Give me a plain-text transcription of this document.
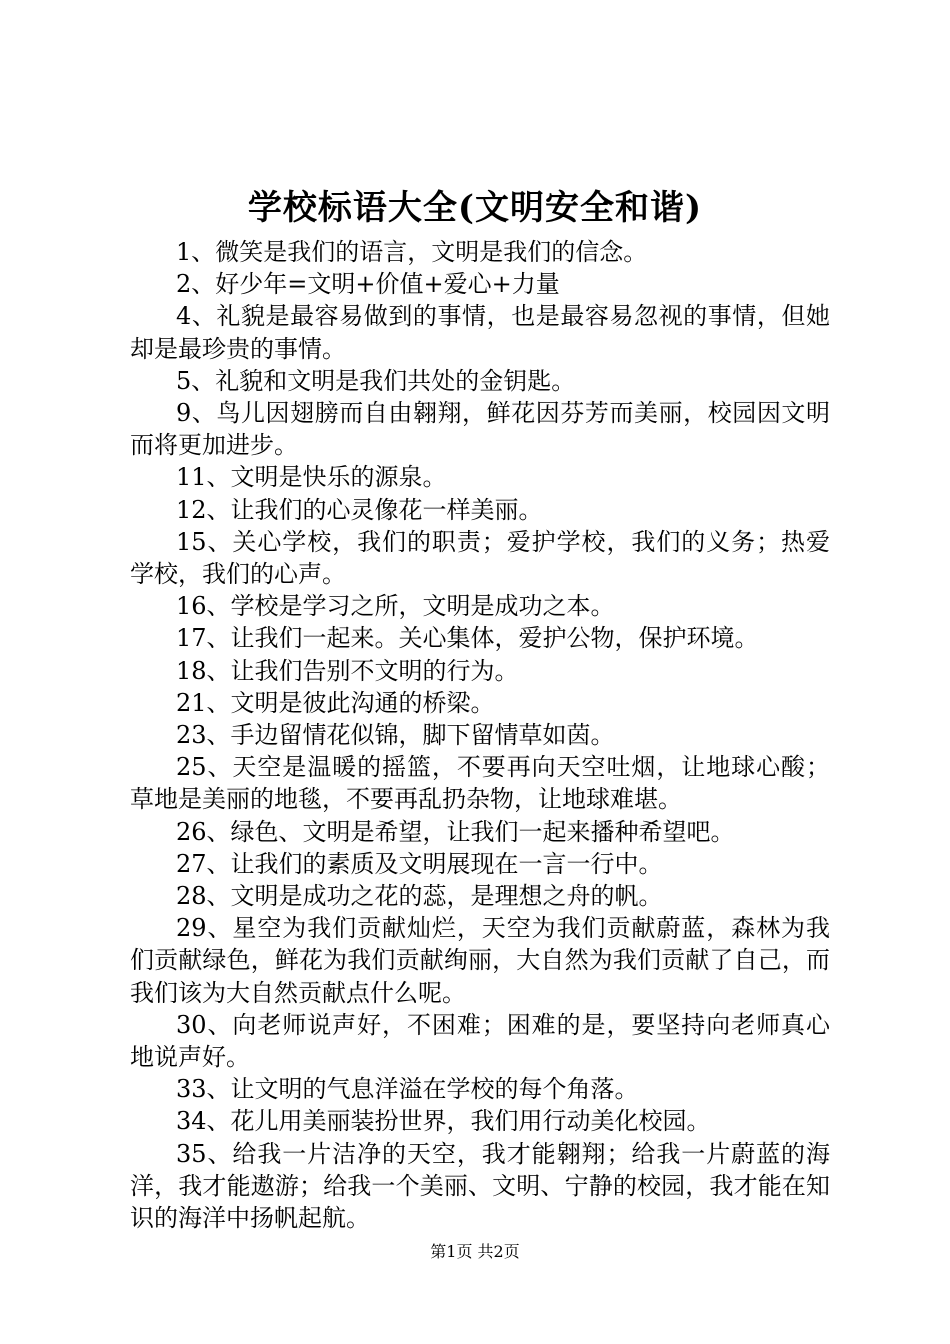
学校标语大全(文明安全和谐)

1、微笑是我们的语言，文明是我们的信念。

2、好少年=文明+价值+爱心+力量

4、礼貌是最容易做到的事情，也是最容易忽视的事情，但她却是最珍贵的事情。

5、礼貌和文明是我们共处的金钥匙。

9、鸟儿因翅膀而自由翱翔，鲜花因芬芳而美丽，校园因文明而将更加进步。

11、文明是快乐的源泉。

12、让我们的心灵像花一样美丽。

15、关心学校，我们的职责；爱护学校，我们的义务；热爱学校，我们的心声。

16、学校是学习之所，文明是成功之本。

17、让我们一起来。关心集体，爱护公物，保护环境。

18、让我们告别不文明的行为。

21、文明是彼此沟通的桥梁。

23、手边留情花似锦，脚下留情草如茵。

25、天空是温暖的摇篮，不要再向天空吐烟，让地球心酸；草地是美丽的地毯，不要再乱扔杂物，让地球难堪。

26、绿色、文明是希望，让我们一起来播种希望吧。

27、让我们的素质及文明展现在一言一行中。

28、文明是成功之花的蕊，是理想之舟的帆。

29、星空为我们贡献灿烂，天空为我们贡献蔚蓝，森林为我们贡献绿色，鲜花为我们贡献绚丽，大自然为我们贡献了自己，而我们该为大自然贡献点什么呢。

30、向老师说声好，不困难；困难的是，要坚持向老师真心地说声好。

33、让文明的气息洋溢在学校的每个角落。

34、花儿用美丽装扮世界，我们用行动美化校园。

35、给我一片洁净的天空，我才能翱翔；给我一片蔚蓝的海洋，我才能遨游；给我一个美丽、文明、宁静的校园，我才能在知识的海洋中扬帆起航。

第1页 共2页
